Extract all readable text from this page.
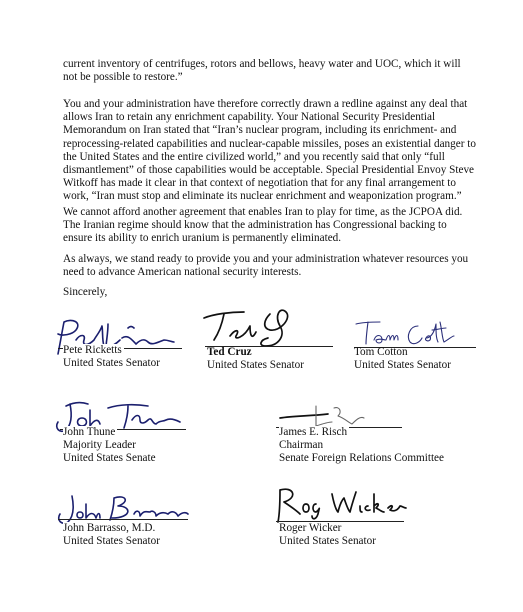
current inventory of centrifuges, rotors and bellows, heavy water and UOC, which it will not be possible to restore.”

You and your administration have therefore correctly drawn a redline against any deal that allows Iran to retain any enrichment capability. Your National Security Presidential Memorandum on Iran stated that “Iran’s nuclear program, including its enrichment- and reprocessing-related capabilities and nuclear-capable missiles, poses an existential danger to the United States and the entire civilized world,” and you recently said that only “full dismantlement” of those capabilities would be acceptable. Special Presidential Envoy Steve Witkoff has made it clear in that context of negotiation that for any final arrangement to work, “Iran must stop and eliminate its nuclear enrichment and weaponization program.”

We cannot afford another agreement that enables Iran to play for time, as the JCPOA did. The Iranian regime should know that the administration has Congressional backing to ensure its ability to enrich uranium is permanently eliminated.

As always, we stand ready to provide you and your administration whatever resources you need to advance American national security interests.

Sincerely,
Pete Ricketts
United States Senator
Ted Cruz
United States Senator
Tom Cotton
United States Senator
John Thune
Majority Leader
United States Senate
James E. Risch
Chairman
Senate Foreign Relations Committee
John Barrasso, M.D.
United States Senator
Roger Wicker
United States Senator
